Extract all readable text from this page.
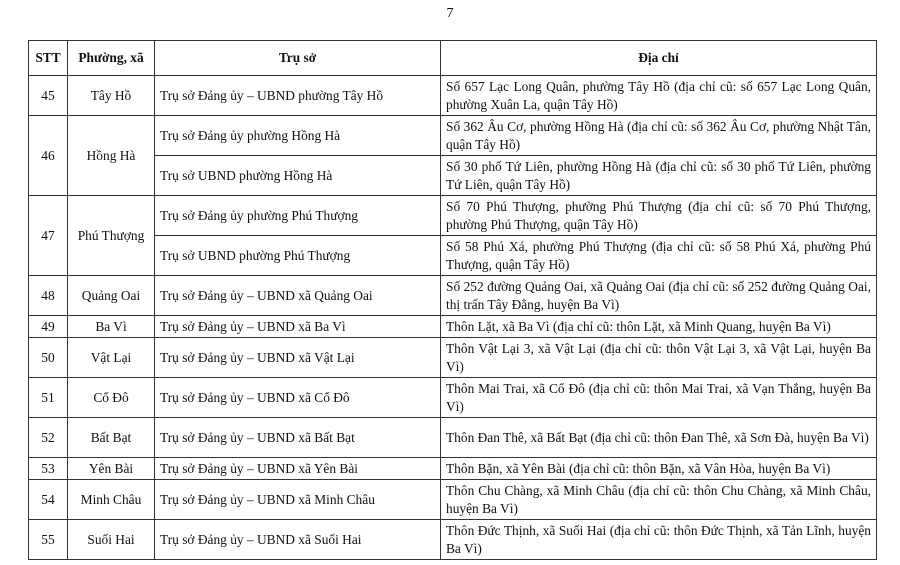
7
STT	Phường, xã	Trụ sở	Địa chỉ
45	Tây Hồ	Trụ sở Đảng ủy – UBND phường Tây Hồ	Số 657 Lạc Long Quân, phường Tây Hồ (địa chỉ cũ: số 657 Lạc Long Quân, phường Xuân La, quận Tây Hồ)
46	Hồng Hà	Trụ sở Đảng ủy phường Hồng Hà	Số 362 Âu Cơ, phường Hồng Hà (địa chỉ cũ: số 362 Âu Cơ, phường Nhật Tân, quận Tây Hồ)
		Trụ sở UBND phường Hồng Hà	Số 30 phố Tứ Liên, phường Hồng Hà (địa chỉ cũ: số 30 phố Tứ Liên, phường Tứ Liên, quận Tây Hồ)
47	Phú Thượng	Trụ sở Đảng ủy phường Phú Thượng	Số 70 Phú Thượng, phường Phú Thượng (địa chỉ cũ: số 70 Phú Thượng, phường Phú Thượng, quận Tây Hồ)
		Trụ sở UBND phường Phú Thượng	Số 58 Phú Xá, phường Phú Thượng (địa chỉ cũ: số 58 Phú Xá, phường Phú Thượng, quận Tây Hồ)
48	Quảng Oai	Trụ sở Đảng ủy – UBND xã Quảng Oai	Số 252 đường Quảng Oai, xã Quảng Oai (địa chỉ cũ: số 252 đường Quảng Oai, thị trấn Tây Đằng, huyện Ba Vì)
49	Ba Vì	Trụ sở Đảng ủy – UBND xã Ba Vì	Thôn Lặt, xã Ba Vì (địa chỉ cũ: thôn Lặt, xã Minh Quang, huyện Ba Vì)
50	Vật Lại	Trụ sở Đảng ủy – UBND xã Vật Lại	Thôn Vật Lại 3, xã Vật Lại (địa chỉ cũ: thôn Vật Lại 3, xã Vật Lại, huyện Ba Vì)
51	Cổ Đô	Trụ sở Đảng ủy – UBND xã Cổ Đô	Thôn Mai Trai, xã Cổ Đô (địa chỉ cũ: thôn Mai Trai, xã Vạn Thắng, huyện Ba Vì)
52	Bất Bạt	Trụ sở Đảng ủy – UBND xã Bất Bạt	Thôn Đan Thê, xã Bất Bạt (địa chỉ cũ: thôn Đan Thê, xã Sơn Đà, huyện Ba Vì)
53	Yên Bài	Trụ sở Đảng ủy – UBND xã Yên Bài	Thôn Bặn, xã Yên Bài (địa chỉ cũ: thôn Bặn, xã Vân Hòa, huyện Ba Vì)
54	Minh Châu	Trụ sở Đảng ủy – UBND xã Minh Châu	Thôn Chu Chàng, xã Minh Châu (địa chỉ cũ: thôn Chu Chàng, xã Minh Châu, huyện Ba Vì)
55	Suối Hai	Trụ sở Đảng ủy – UBND xã Suối Hai	Thôn Đức Thịnh, xã Suối Hai (địa chỉ cũ: thôn Đức Thịnh, xã Tản Lĩnh, huyện Ba Vì)
